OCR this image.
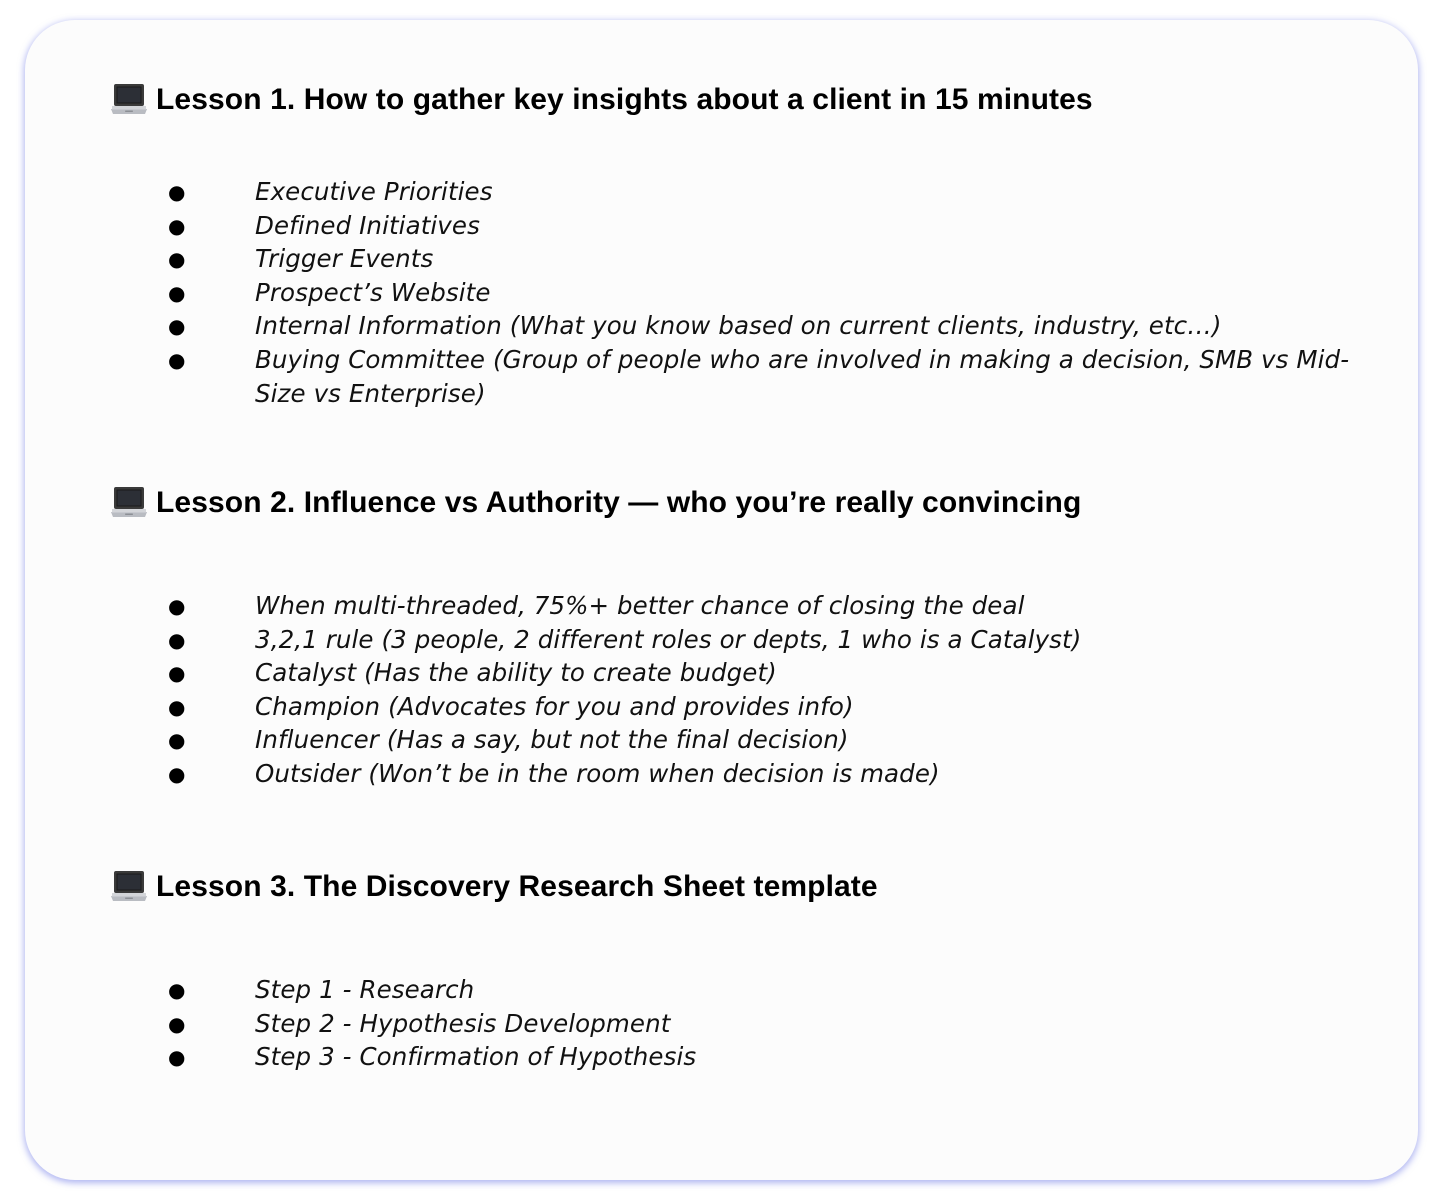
Lesson 1. How to gather key insights about a client in 15 minutes
●	Executive Priorities
●	Defined Initiatives
●	Trigger Events
●	Prospect’s Website
●	Internal Information (What you know based on current clients, industry, etc…)
●	Buying Committee (Group of people who are involved in making a decision, SMB vs Mid-Size vs Enterprise)
Lesson 2. Influence vs Authority — who you’re really convincing
●	When multi-threaded, 75%+ better chance of closing the deal
●	3,2,1 rule (3 people, 2 different roles or depts, 1 who is a Catalyst)
●	Catalyst (Has the ability to create budget)
●	Champion (Advocates for you and provides info)
●	Influencer (Has a say, but not the final decision)
●	Outsider (Won’t be in the room when decision is made)
Lesson 3. The Discovery Research Sheet template
●	Step 1 - Research
●	Step 2 - Hypothesis Development
●	Step 3 - Confirmation of Hypothesis
